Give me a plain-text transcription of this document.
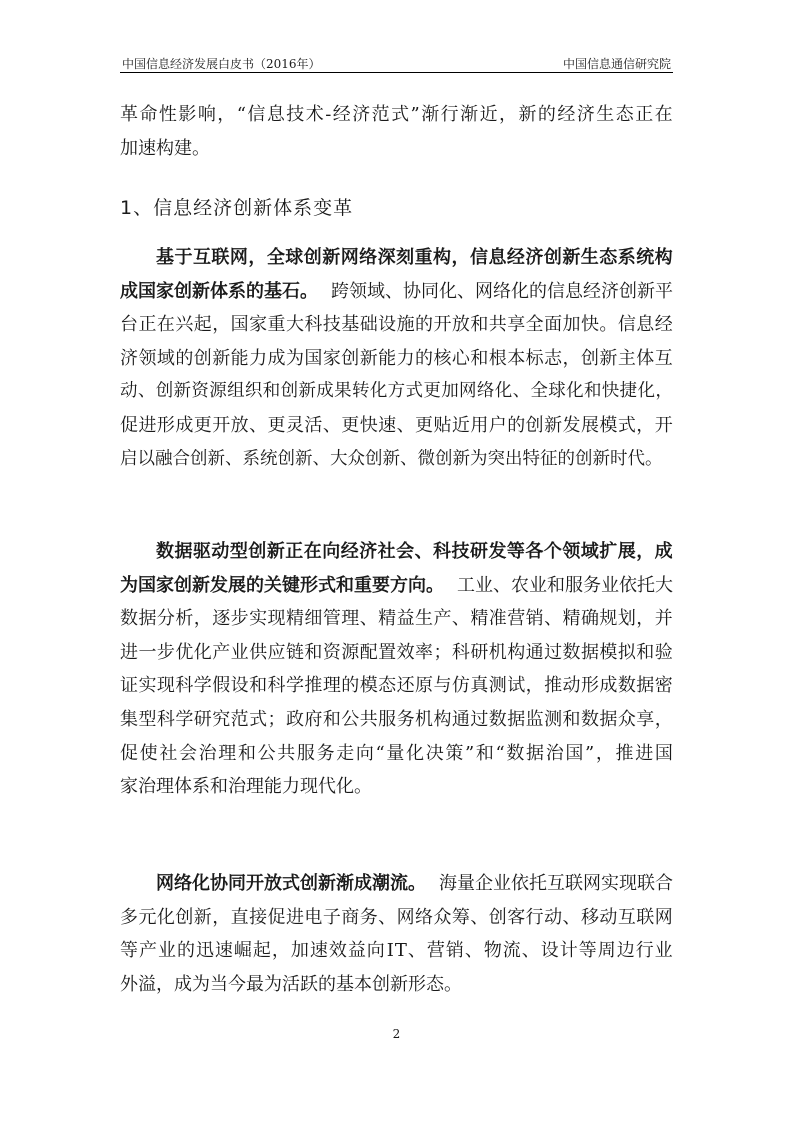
中国信息经济发展白皮书（2016年）	中国信息通信研究院
革 命 性 影 响 ， “ 信 息 技 术 - 经 济 范 式 ” 渐 行 渐 近 ， 新 的 经 济 生 态 正 在
加速构建。
1、信息经济创新体系变革
基 于 互 联 网 ， 全 球 创 新 网 络 深 刻 重 构 ， 信 息 经 济 创 新 生 态 系 统 构
成国家创新体系的基石。 跨领域、协同化、网络化的信息经济创新平
台 正 在 兴 起 ， 国 家 重 大 科 技 基 础 设 施 的 开 放 和 共 享 全 面 加 快 。 信 息 经
济 领 域 的 创 新 能 力 成 为 国 家 创 新 能 力 的 核 心 和 根 本 标 志 ， 创 新 主 体 互
动 、 创 新 资 源 组 织 和 创 新 成 果 转 化 方 式 更 加 网 络 化 、 全 球 化 和 快 捷 化 ，
促 进 形 成 更 开 放 、 更 灵 活 、 更 快 速 、 更 贴 近 用 户 的 创 新 发 展 模 式 ， 开
启以融合创新、系统创新、大众创新、微创新为突出特征的创新时代。
数 据 驱 动 型 创 新 正 在 向 经 济 社 会 、 科 技 研 发 等 各 个 领 域 扩 展 ， 成
为国家创新发展的关键形式和重要方向。 工业、农业和服务业依托大
数 据 分 析 ， 逐 步 实 现 精 细 管 理 、 精 益 生 产 、 精 准 营 销 、 精 确 规 划 ， 并
进 一 步 优 化 产 业 供 应 链 和 资 源 配 置 效 率 ； 科 研 机 构 通 过 数 据 模 拟 和 验
证 实 现 科 学 假 设 和 科 学 推 理 的 模 态 还 原 与 仿 真 测 试 ， 推 动 形 成 数 据 密
集 型 科 学 研 究 范 式 ； 政 府 和 公 共 服 务 机 构 通 过 数 据 监 测 和 数 据 众 享 ，
促 使 社 会 治 理 和 公 共 服 务 走 向 “ 量 化 决 策 ” 和 “ 数 据 治 国 ” ， 推 进 国
家治理体系和治理能力现代化。
网络化协同开放式创新渐成潮流。 海量企业依托互联网实现联合
多 元 化 创 新 ， 直 接 促 进 电 子 商 务 、 网 络 众 筹 、 创 客 行 动 、 移 动 互 联 网
等 产 业 的 迅 速 崛 起 ， 加 速 效 益 向 I T 、 营 销 、 物 流 、 设 计 等 周 边 行 业
外溢，成为当今最为活跃的基本创新形态。
2
